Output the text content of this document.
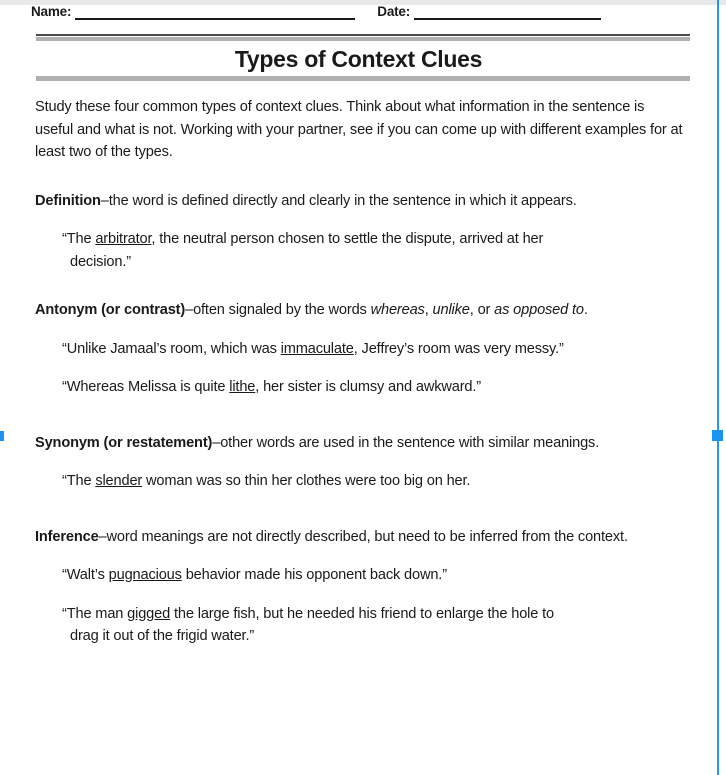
Name:	Date:
Types of Context Clues

Study these four common types of context clues. Think about what information in the sentence is useful and what is not. Working with your partner, see if you can come up with different examples for at least two of the types.

Definition–the word is defined directly and clearly in the sentence in which it appears.

“The arbitrator, the neutral person chosen to settle the dispute, arrived at her
decision.”

Antonym (or contrast)–often signaled by the words whereas, unlike, or as opposed to.

“Unlike Jamaal’s room, which was immaculate, Jeffrey’s room was very messy.”

“Whereas Melissa is quite lithe, her sister is clumsy and awkward.”

Synonym (or restatement)–other words are used in the sentence with similar meanings.

“The slender woman was so thin her clothes were too big on her.

Inference–word meanings are not directly described, but need to be inferred from the context.

“Walt’s pugnacious behavior made his opponent back down.”

“The man gigged the large fish, but he needed his friend to enlarge the hole to
drag it out of the frigid water.”
